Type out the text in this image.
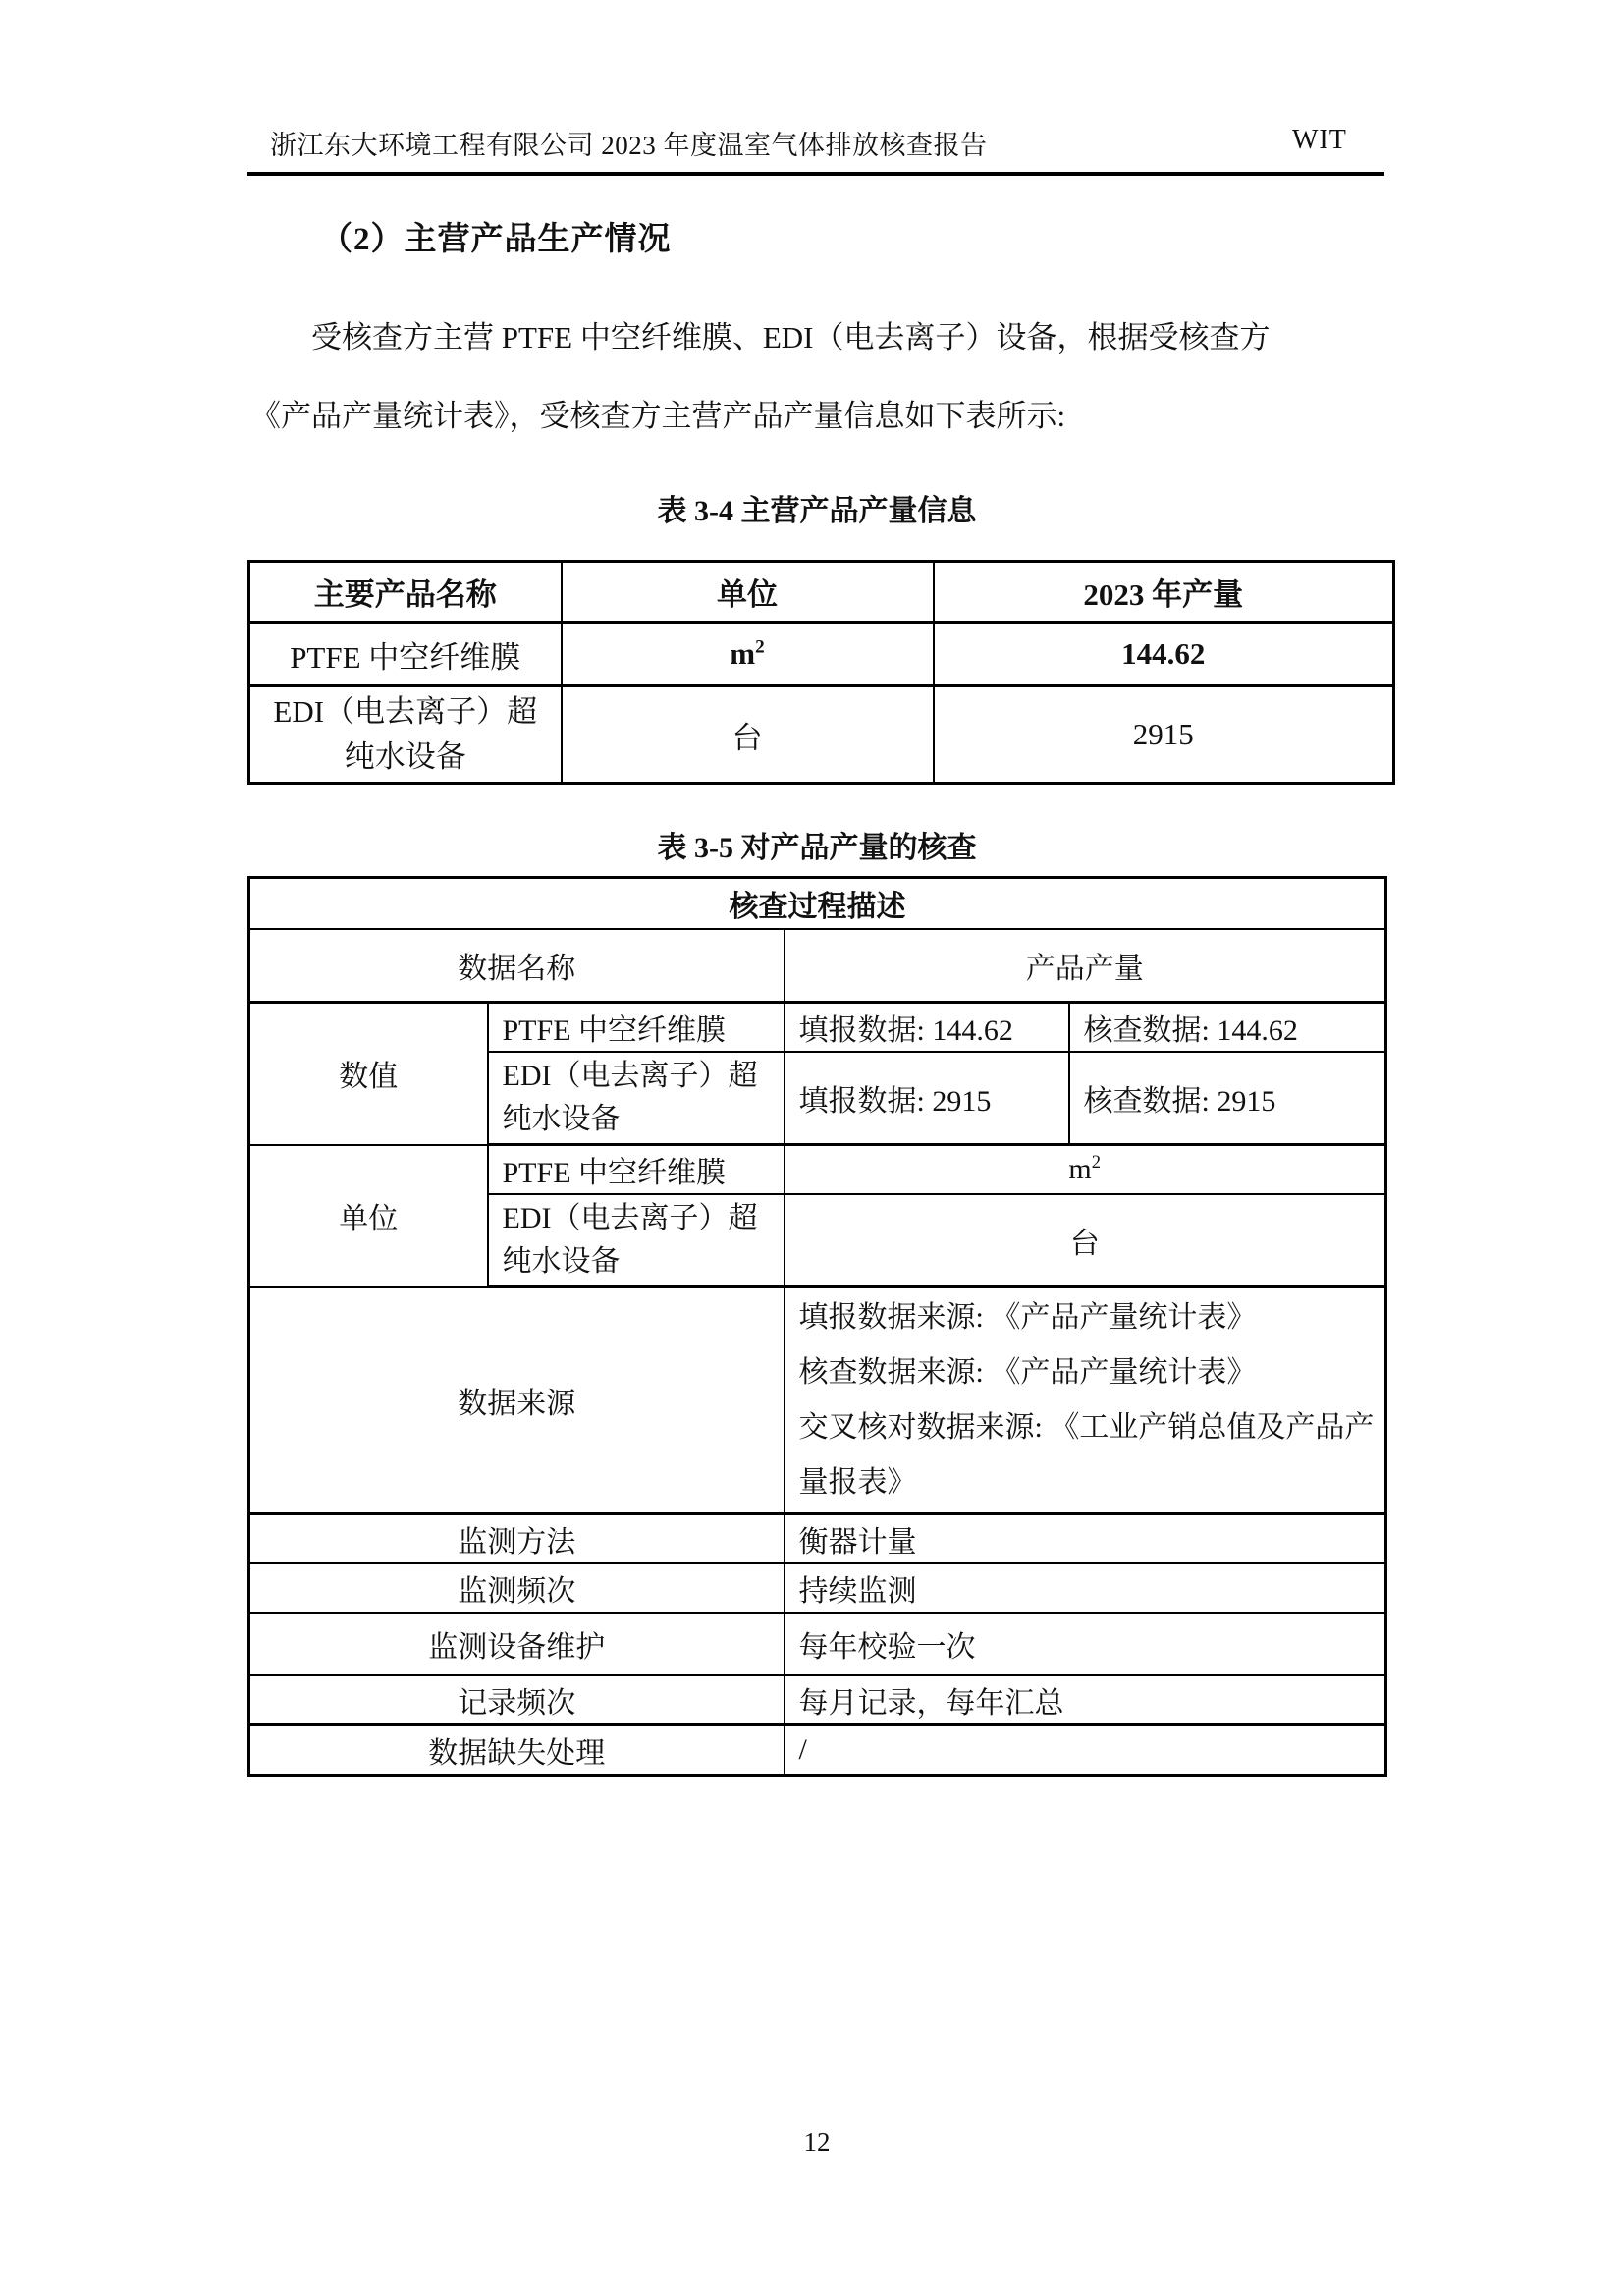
浙江东大环境工程有限公司 2023 年度温室气体排放核查报告	WIT
（2）主营产品生产情况
受核查方主营 PTFE 中空纤维膜、EDI（电去离子）设备，根据受核查方
《产品产量统计表》，受核查方主营产品产量信息如下表所示:
表 3-4 主营产品产量信息
主要产品名称	单位	2023 年产量
PTFE 中空纤维膜	$m^2$	144.62
EDI（电去离子）超纯水设备	台	2915
表 3-5 对产品产量的核查
核查过程描述			
数据名称		产品产量	
数值	PTFE 中空纤维膜	填报数据: 144.62	核查数据: 144.62
	EDI（电去离子）超纯水设备	填报数据: 2915	核查数据: 2915
单位	PTFE 中空纤维膜	$m^2$
	EDI（电去离子）超纯水设备	台	
数据来源		填报数据来源: 《产品产量统计表》
核查数据来源: 《产品产量统计表》
交叉核对数据来源: 《工业产销总值及产品产量报表》	

监测方法		衡器计量	
监测频次		持续监测	
监测设备维护		每年校验一次	
记录频次		每月记录，每年汇总	
数据缺失处理		/	
12
